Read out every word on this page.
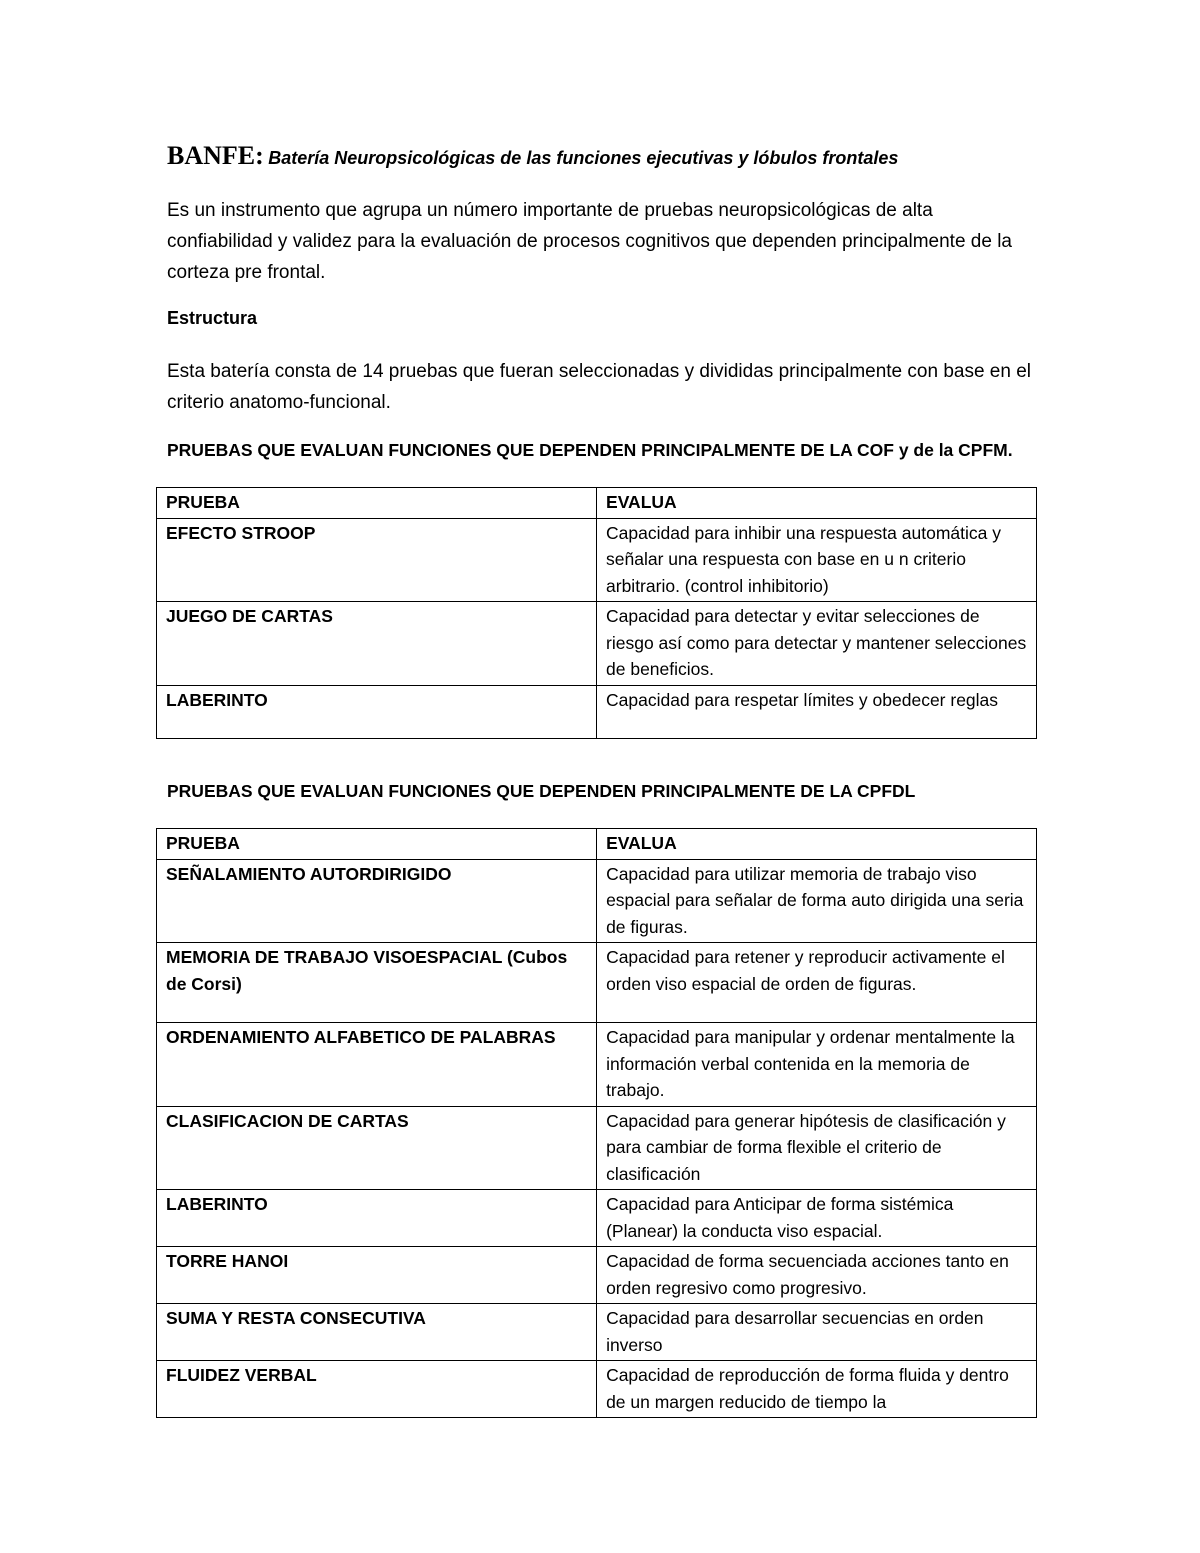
BANFE: Batería Neuropsicológicas de las funciones ejecutivas y lóbulos frontales

Es un instrumento que agrupa un número importante de pruebas neuropsicológicas de alta confiabilidad y validez para la evaluación de procesos cognitivos que dependen principalmente de la corteza pre frontal.

Estructura

Esta batería consta de 14 pruebas que fueran seleccionadas y divididas principalmente con base en el criterio anatomo-funcional.

PRUEBAS QUE EVALUAN FUNCIONES QUE DEPENDEN PRINCIPALMENTE DE LA COF y de la CPFM.

PRUEBA	EVALUA
EFECTO STROOP	Capacidad para inhibir una respuesta automática y señalar una respuesta con base en u n criterio arbitrario. (control inhibitorio)
JUEGO DE CARTAS	Capacidad para detectar y evitar selecciones de riesgo así como para detectar y mantener selecciones de beneficios.
LABERINTO	Capacidad para respetar límites y obedecer reglas

PRUEBAS QUE EVALUAN FUNCIONES QUE DEPENDEN PRINCIPALMENTE DE LA CPFDL

PRUEBA	EVALUA
SEÑALAMIENTO AUTORDIRIGIDO	Capacidad para utilizar memoria de trabajo viso espacial para señalar de forma auto dirigida una seria de figuras.
MEMORIA DE TRABAJO VISOESPACIAL (Cubos de Corsi)	Capacidad para retener y reproducir activamente el orden viso espacial de orden de figuras.
ORDENAMIENTO ALFABETICO DE PALABRAS	Capacidad para manipular y ordenar mentalmente la información verbal contenida en la memoria de trabajo.
CLASIFICACION DE CARTAS	Capacidad para generar hipótesis de clasificación y para cambiar de forma flexible el criterio de clasificación
LABERINTO	Capacidad para Anticipar de forma sistémica (Planear) la conducta viso espacial.
TORRE HANOI	Capacidad de forma secuenciada acciones tanto en orden regresivo como progresivo.
SUMA Y RESTA CONSECUTIVA	Capacidad para desarrollar secuencias en orden inverso
FLUIDEZ VERBAL	Capacidad de reproducción de forma fluida y dentro de un margen reducido de tiempo la
